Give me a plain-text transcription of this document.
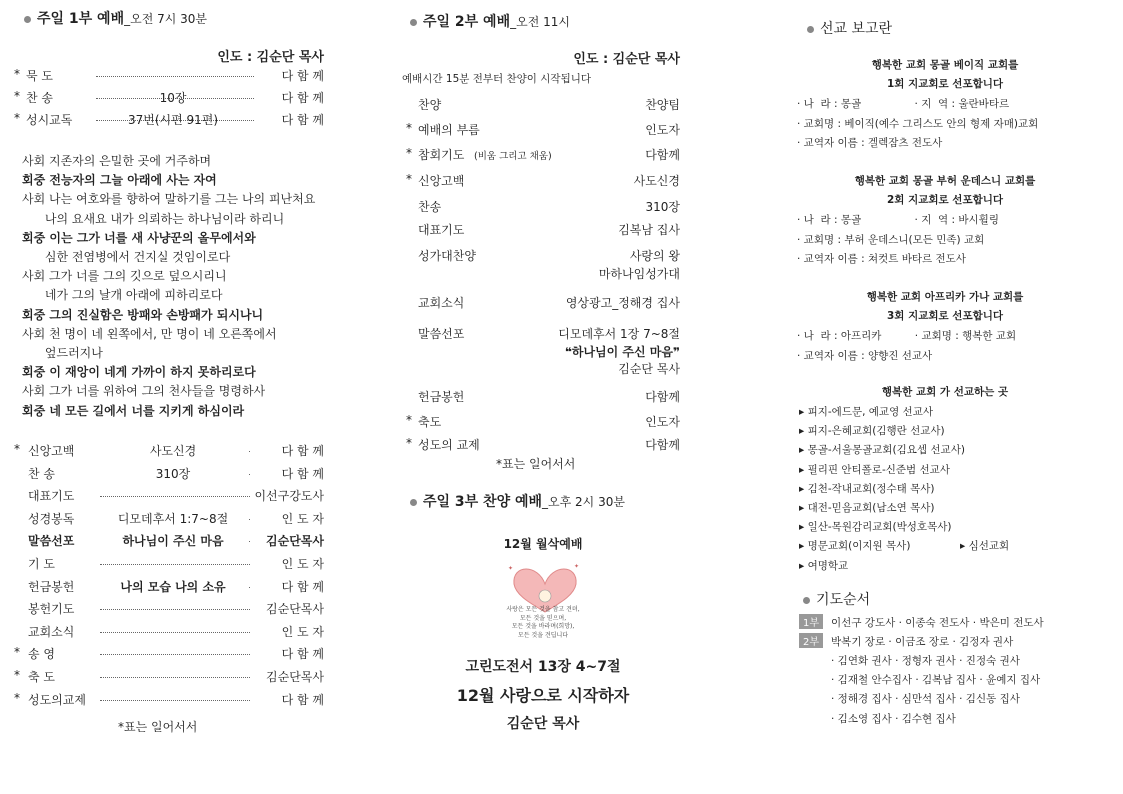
주일 1부 예배_오전 7시 30분
인도 : 김순단 목사
* 묵 도	다 함 께
* 찬 송	10장	다 함 께
* 성시교독	37번(시편 91편)	다 함 께
사회 지존자의 은밀한 곳에 거주하며
회중 전능자의 그늘 아래에 사는 자여
사회 나는 여호와를 향하여 말하기를 그는 나의 피난처요
나의 요새요 내가 의뢰하는 하나님이라 하리니
회중 이는 그가 너를 새 사냥꾼의 올무에서와
심한 전염병에서 건지실 것임이로다
사회 그가 너를 그의 깃으로 덮으시리니
네가 그의 날개 아래에 피하리로다
회중 그의 진실함은 방패와 손방패가 되시나니
사회 천 명이 네 왼쪽에서, 만 명이 네 오른쪽에서
엎드러지나
회중 이 재앙이 네게 가까이 하지 못하리로다
사회 그가 너를 위하여 그의 천사들을 명령하사
회중 네 모든 길에서 너를 지키게 하심이라
* 신앙고백	사도신경	다 함 께
찬 송	310장	다 함 께
대표기도	이선구강도사
성경봉독	디모데후서 1:7~8절	인 도 자
말씀선포	하나님이 주신 마음	김순단목사
기 도	인 도 자
헌금봉헌	나의 모습 나의 소유	다 함 께
봉헌기도	김순단목사
교회소식	인 도 자
* 송 영	다 함 께
* 축 도	김순단목사
* 성도의교제	다 함 께
*표는 일어서서
주일 2부 예배_오전 11시
인도 : 김순단 목사
예배시간 15분 전부터 찬양이 시작됩니다
찬양	찬양팀
* 예배의 부름	인도자
* 참회기도 (비움 그리고 채움)	다함께
* 신앙고백	사도신경
찬송	310장
대표기도	김복남 집사
성가대찬양	사랑의 왕
마하나임성가대
교회소식	영상광고_정해경 집사
말씀선포	디모데후서 1장 7~8절
❝하나님이 주신 마음❞
김순단 목사
헌금봉헌	다함께
* 축도	인도자
* 성도의 교제	다함께
*표는 일어서서
주일 3부 찬양 예배_오후 2시 30분
12월 월삭예배
✦	✦
사랑은 모든 것을 참고 견뎌,
모든 것을 믿으며,
모든 것을 바라며(희망),
모든 것을 견딥니다
고린도전서 13장 4~7절
12월 사랑으로 시작하자
김순단 목사
선교 보고란
행복한 교회 몽골 베이직 교회를
1회 지교회로 선포합니다
· 나  라 : 몽골                · 지  역 : 울란바타르
· 교회명 : 베이직(예수 그리스도 안의 형제 자매)교회
· 교역자 이름 : 겔렉잠츠 전도사
행복한 교회 몽골 부허 운데스니 교회를
2회 지교회로 선포합니다
· 나  라 : 몽골                · 지  역 : 바시휠링
· 교회명 : 부허 운데스니(모든 민족) 교회
· 교역자 이름 : 쳐컷트 바타르 전도사
행복한 교회 아프리카 가나 교회를
3회 지교회로 선포합니다
· 나  라 : 아프리카          · 교회명 : 행복한 교회
· 교역자 이름 : 양향진 선교사
행복한 교회 가 선교하는 곳
▸ 피지-에드문, 예교영 선교사
▸ 피지-은혜교회(김행란 선교사)
▸ 몽골-서울몽골교회(김요셉 선교사)
▸ 필리핀 안티폴로-신준범 선교사
▸ 김천-작내교회(정수태 목사)
▸ 대전-믿음교회(남소연 목사)
▸ 일산-목원감리교회(박성호목사)
▸ 명문교회(이지원 목사)
▸ 여명학교
▸ 심선교회
기도순서
1부 이선구 강도사 · 이종숙 전도사 · 박은미 전도사
2부 박복기 장로 · 이금조 장로 · 김정자 권사
· 김연화 권사 · 정형자 권사 · 진정숙 권사
· 김재철 안수집사 · 김복남 집사 · 윤예지 집사
· 정해경 집사 · 심만석 집사 · 김신동 집사
· 김소영 집사 · 김수현 집사
